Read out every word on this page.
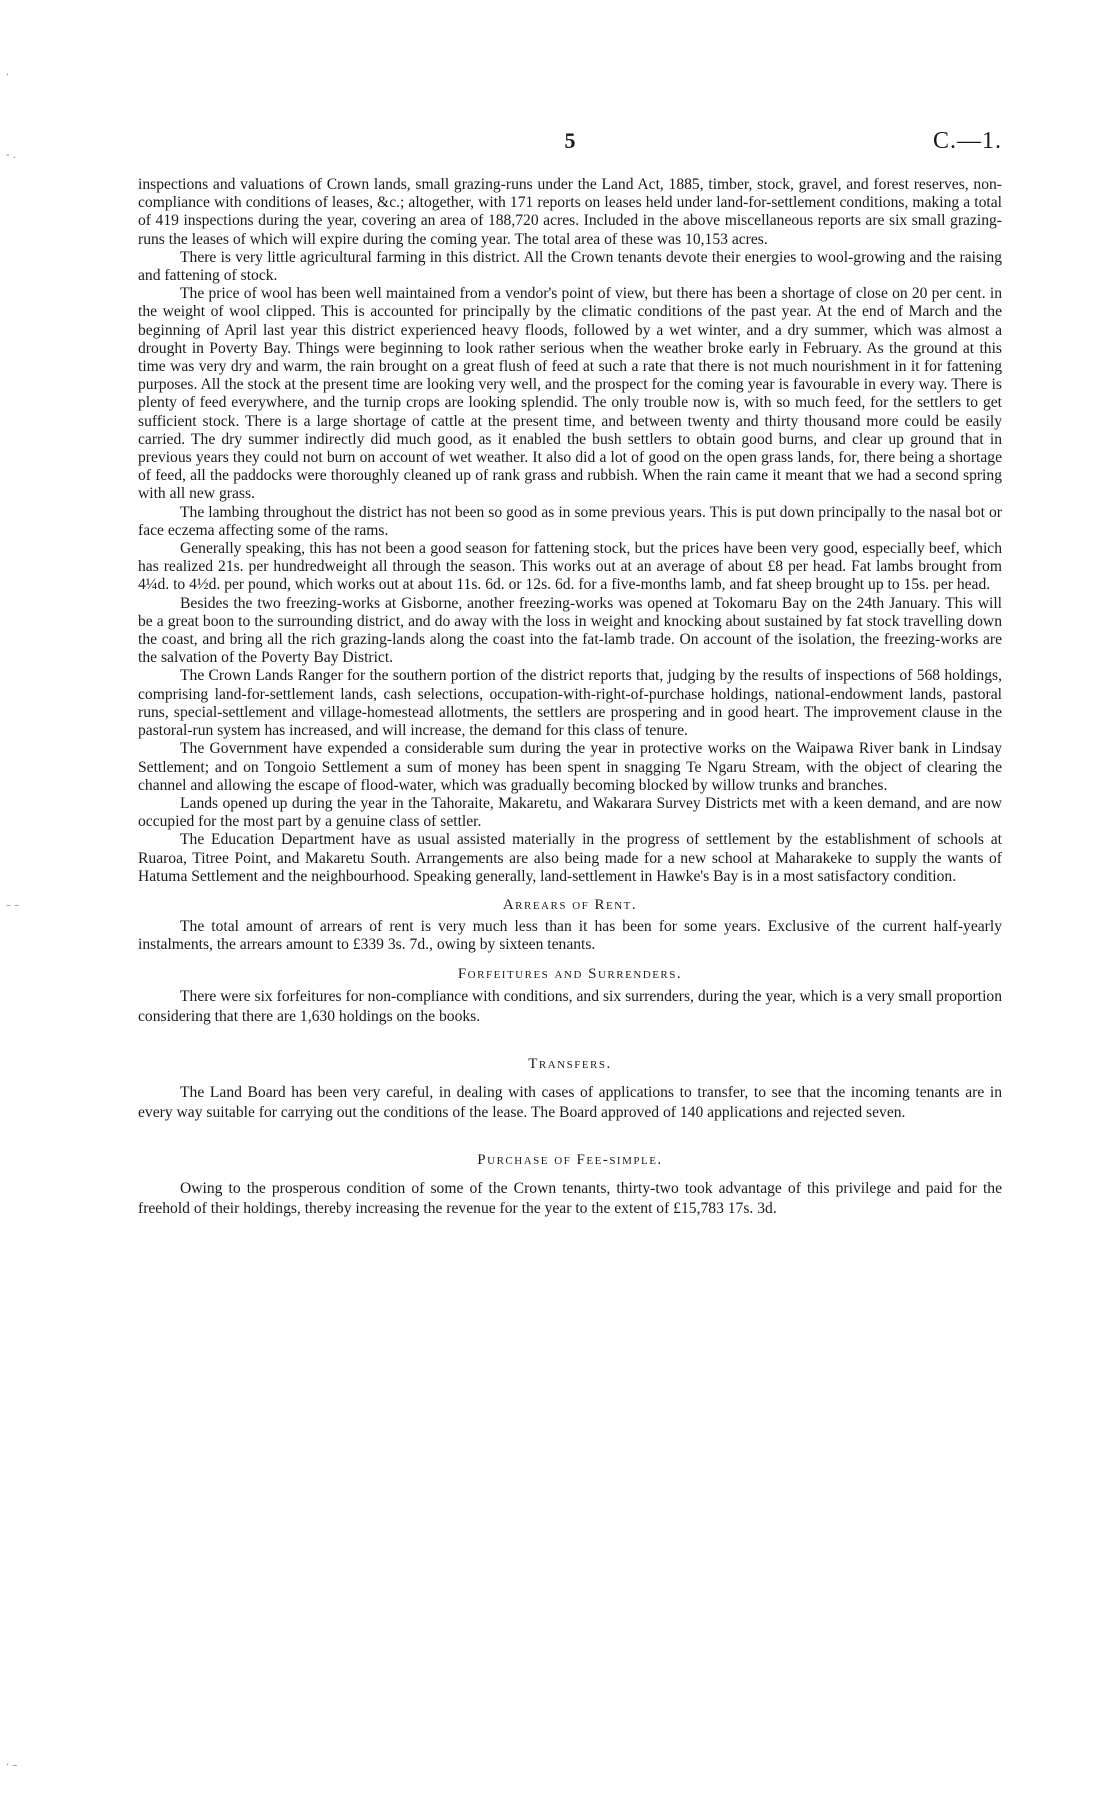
·
- .
– –
· –
5	C.—1.

inspections and valuations of Crown lands, small grazing-runs under the Land Act, 1885, timber, stock, gravel, and forest reserves, non-compliance with conditions of leases, &c.; altogether, with 171 reports on leases held under land-for-settlement conditions, making a total of 419 inspections during the year, covering an area of 188,720 acres. Included in the above miscellaneous reports are six small grazing-runs the leases of which will expire during the coming year. The total area of these was 10,153 acres.

There is very little agricultural farming in this district. All the Crown tenants devote their energies to wool-growing and the raising and fattening of stock.

The price of wool has been well maintained from a vendor's point of view, but there has been a shortage of close on 20 per cent. in the weight of wool clipped. This is accounted for principally by the climatic conditions of the past year. At the end of March and the beginning of April last year this district experienced heavy floods, followed by a wet winter, and a dry summer, which was almost a drought in Poverty Bay. Things were beginning to look rather serious when the weather broke early in February. As the ground at this time was very dry and warm, the rain brought on a great flush of feed at such a rate that there is not much nourishment in it for fattening purposes. All the stock at the present time are looking very well, and the prospect for the coming year is favourable in every way. There is plenty of feed everywhere, and the turnip crops are looking splendid. The only trouble now is, with so much feed, for the settlers to get sufficient stock. There is a large shortage of cattle at the present time, and between twenty and thirty thousand more could be easily carried. The dry summer indirectly did much good, as it enabled the bush settlers to obtain good burns, and clear up ground that in previous years they could not burn on account of wet weather. It also did a lot of good on the open grass lands, for, there being a shortage of feed, all the paddocks were thoroughly cleaned up of rank grass and rubbish. When the rain came it meant that we had a second spring with all new grass.

The lambing throughout the district has not been so good as in some previous years. This is put down principally to the nasal bot or face eczema affecting some of the rams.

Generally speaking, this has not been a good season for fattening stock, but the prices have been very good, especially beef, which has realized 21s. per hundredweight all through the season. This works out at an average of about £8 per head. Fat lambs brought from 4¼d. to 4½d. per pound, which works out at about 11s. 6d. or 12s. 6d. for a five-months lamb, and fat sheep brought up to 15s. per head.

Besides the two freezing-works at Gisborne, another freezing-works was opened at Tokomaru Bay on the 24th January. This will be a great boon to the surrounding district, and do away with the loss in weight and knocking about sustained by fat stock travelling down the coast, and bring all the rich grazing-lands along the coast into the fat-lamb trade. On account of the isolation, the freezing-works are the salvation of the Poverty Bay District.

The Crown Lands Ranger for the southern portion of the district reports that, judging by the results of inspections of 568 holdings, comprising land-for-settlement lands, cash selections, occupation-with-right-of-purchase holdings, national-endowment lands, pastoral runs, special-settlement and village-homestead allotments, the settlers are prospering and in good heart. The improvement clause in the pastoral-run system has increased, and will increase, the demand for this class of tenure.

The Government have expended a considerable sum during the year in protective works on the Waipawa River bank in Lindsay Settlement; and on Tongoio Settlement a sum of money has been spent in snagging Te Ngaru Stream, with the object of clearing the channel and allowing the escape of flood-water, which was gradually becoming blocked by willow trunks and branches.

Lands opened up during the year in the Tahoraite, Makaretu, and Wakarara Survey Districts met with a keen demand, and are now occupied for the most part by a genuine class of settler.

The Education Department have as usual assisted materially in the progress of settlement by the establishment of schools at Ruaroa, Titree Point, and Makaretu South. Arrangements are also being made for a new school at Maharakeke to supply the wants of Hatuma Settlement and the neighbourhood. Speaking generally, land-settlement in Hawke's Bay is in a most satisfactory condition.

Arrears of Rent.

The total amount of arrears of rent is very much less than it has been for some years. Exclusive of the current half-yearly instalments, the arrears amount to £339 3s. 7d., owing by sixteen tenants.

Forfeitures and Surrenders.

There were six forfeitures for non-compliance with conditions, and six surrenders, during the year, which is a very small proportion considering that there are 1,630 holdings on the books.

Transfers.

The Land Board has been very careful, in dealing with cases of applications to transfer, to see that the incoming tenants are in every way suitable for carrying out the conditions of the lease. The Board approved of 140 applications and rejected seven.

Purchase of Fee-simple.

Owing to the prosperous condition of some of the Crown tenants, thirty-two took advantage of this privilege and paid for the freehold of their holdings, thereby increasing the revenue for the year to the extent of £15,783 17s. 3d.
